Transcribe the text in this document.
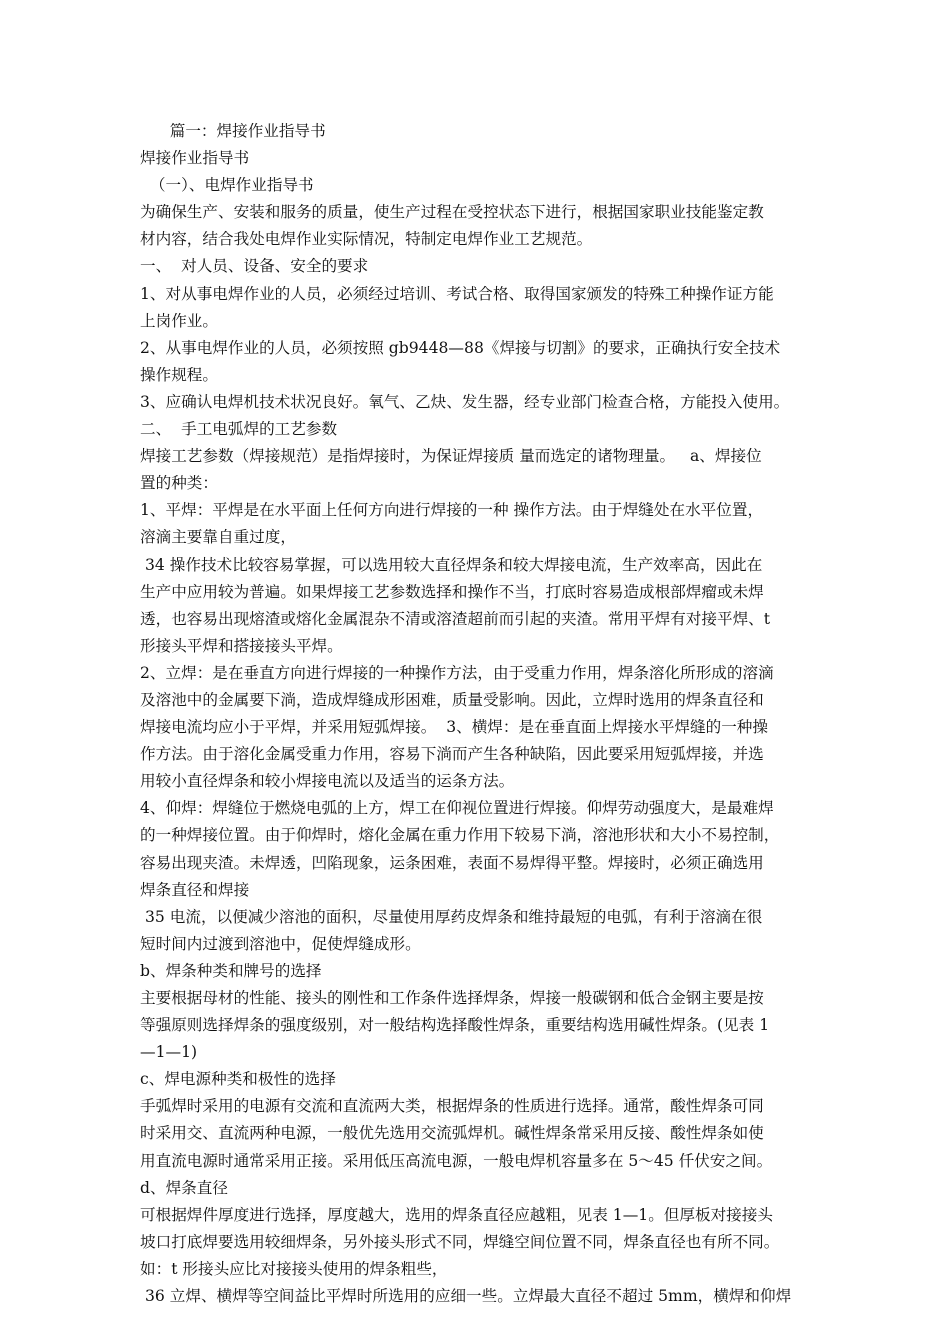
篇一：焊接作业指导书
焊接作业指导书
（一）、电焊作业指导书
为确保生产、安装和服务的质量，使生产过程在受控状态下进行，根据国家职业技能鉴定教
材内容，结合我处电焊作业实际情况，特制定电焊作业工艺规范。
一、  对人员、设备、安全的要求
1、对从事电焊作业的人员，必须经过培训、考试合格、取得国家颁发的特殊工种操作证方能
上岗作业。
2、从事电焊作业的人员，必须按照 gb9448—88《焊接与切割》的要求，正确执行安全技术
操作规程。
3、应确认电焊机技术状况良好。氧气、乙炔、发生器，经专业部门检查合格，方能投入使用。
二、  手工电弧焊的工艺参数
焊接工艺参数（焊接规范）是指焊接时，为保证焊接质 量而选定的诸物理量。   a、焊接位
置的种类：
1、平焊：平焊是在水平面上任何方向进行焊接的一种 操作方法。由于焊缝处在水平位置，
溶滴主要靠自重过度，
34 操作技术比较容易掌握，可以选用较大直径焊条和较大焊接电流，生产效率高，因此在
生产中应用较为普遍。如果焊接工艺参数选择和操作不当，打底时容易造成根部焊瘤或未焊
透，也容易出现熔渣或熔化金属混杂不清或溶渣超前而引起的夹渣。常用平焊有对接平焊、t
形接头平焊和搭接接头平焊。
2、立焊：是在垂直方向进行焊接的一种操作方法，由于受重力作用，焊条溶化所形成的溶滴
及溶池中的金属要下淌，造成焊缝成形困难，质量受影响。因此，立焊时选用的焊条直径和
焊接电流均应小于平焊，并采用短弧焊接。  3、横焊：是在垂直面上焊接水平焊缝的一种操
作方法。由于溶化金属受重力作用，容易下淌而产生各种缺陷，因此要采用短弧焊接，并选
用较小直径焊条和较小焊接电流以及适当的运条方法。
4、仰焊：焊缝位于燃烧电弧的上方，焊工在仰视位置进行焊接。仰焊劳动强度大，是最难焊
的一种焊接位置。由于仰焊时，熔化金属在重力作用下较易下淌，溶池形状和大小不易控制，
容易出现夹渣。未焊透，凹陷现象，运条困难，表面不易焊得平整。焊接时，必须正确选用
焊条直径和焊接
35 电流，以便减少溶池的面积，尽量使用厚药皮焊条和维持最短的电弧，有利于溶滴在很
短时间内过渡到溶池中，促使焊缝成形。
b、焊条种类和牌号的选择
主要根据母材的性能、接头的刚性和工作条件选择焊条，焊接一般碳钢和低合金钢主要是按
等强原则选择焊条的强度级别，对一般结构选择酸性焊条，重要结构选用碱性焊条。(见表 1
—1—1)
c、焊电源种类和极性的选择
手弧焊时采用的电源有交流和直流两大类，根据焊条的性质进行选择。通常，酸性焊条可同
时采用交、直流两种电源，一般优先选用交流弧焊机。碱性焊条常采用反接、酸性焊条如使
用直流电源时通常采用正接。采用低压高流电源，一般电焊机容量多在 5～45 仟伏安之间。
d、焊条直径
可根据焊件厚度进行选择，厚度越大，选用的焊条直径应越粗，见表 1—1。但厚板对接接头
坡口打底焊要选用较细焊条，另外接头形式不同，焊缝空间位置不同，焊条直径也有所不同。
如：t 形接头应比对接接头使用的焊条粗些，
36 立焊、横焊等空间益比平焊时所选用的应细一些。立焊最大直径不超过 5mm，横焊和仰焊
